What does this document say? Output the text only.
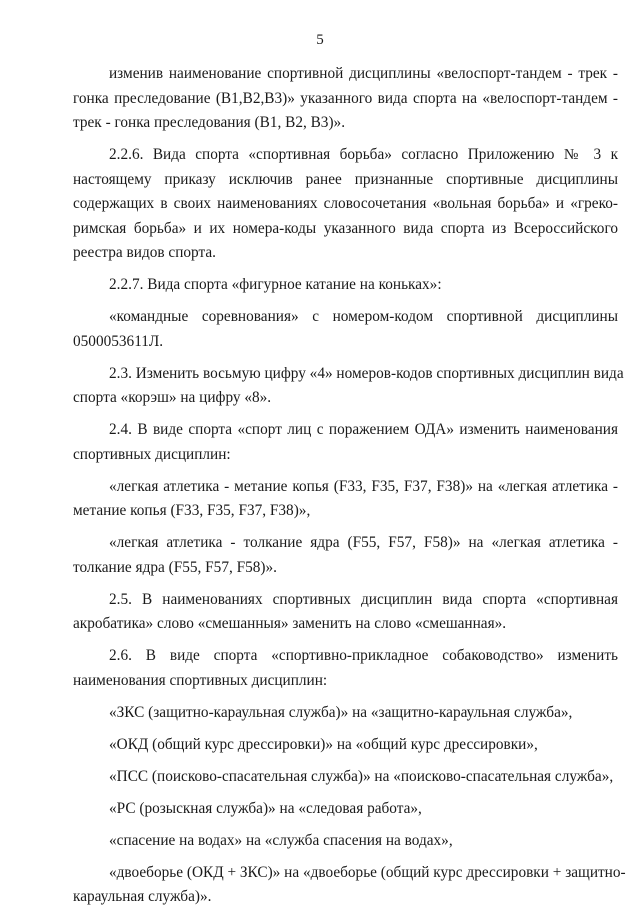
5
изменив наименование спортивной дисциплины «велоспорт-тандем - трек -
гонка преследование (B1,B2,B3)» указанного вида спорта на «велоспорт-тандем -
трек - гонка преследования (B1, B2, B3)».
2.2.6. Вида спорта «спортивная борьба» согласно Приложению № 3 к
настоящему приказу исключив ранее признанные спортивные дисциплины
содержащих в своих наименованиях словосочетания «вольная борьба» и «греко-
римская борьба» и их номера-коды указанного вида спорта из Всероссийского
реестра видов спорта.
2.2.7. Вида спорта «фигурное катание на коньках»:
«командные соревнования» с номером-кодом спортивной дисциплины
0500053611Л.
2.3. Изменить восьмую цифру «4» номеров-кодов спортивных дисциплин вида
спорта «корэш» на цифру «8».
2.4. В виде спорта «спорт лиц с поражением ОДА» изменить наименования
спортивных дисциплин:
«легкая атлетика - метание копья (F33, F35, F37, F38)» на «легкая атлетика -
метание копья (F33, F35, F37, F38)»,
«легкая атлетика - толкание ядра (F55, F57, F58)» на «легкая атлетика -
толкание ядра (F55, F57, F58)».
2.5. В наименованиях спортивных дисциплин вида спорта «спортивная
акробатика» слово «смешанныя» заменить на слово «смешанная».
2.6. В виде спорта «спортивно-прикладное собаководство» изменить
наименования спортивных дисциплин:

«ЗКС (защитно-караульная служба)» на «защитно-караульная служба»,

«ОКД (общий курс дрессировки)» на «общий курс дрессировки»,

«ПСС (поисково-спасательная служба)» на «поисково-спасательная служба»,

«РС (розыскная служба)» на «следовая работа»,

«спасение на водах» на «служба спасения на водах»,

«двоеборье (ОКД + ЗКС)» на «двоеборье (общий курс дрессировки + защитно-
караульная служба)».
